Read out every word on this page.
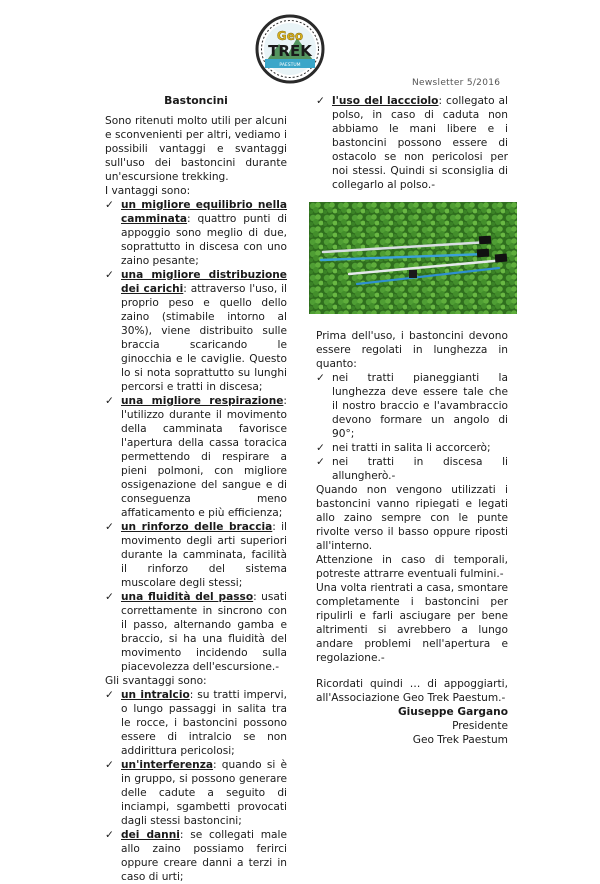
Geo
TREK
PAESTUM
Newsletter 5/2016
Bastoncini

Sono ritenuti molto utili per alcuni e sconvenienti per altri, vediamo i possibili vantaggi e svantaggi sull'uso dei bastoncini durante un'escursione trekking.

I vantaggi sono:

✓ un migliore equilibrio nella camminata: quattro punti di appoggio sono meglio di due, soprattutto in discesa con uno zaino pesante;
✓ una migliore distribuzione dei carichi: attraverso l'uso, il proprio peso e quello dello zaino (stimabile intorno al 30%), viene distribuito sulle braccia scaricando le ginocchia e le caviglie. Questo lo si nota soprattutto su lunghi percorsi e tratti in discesa;
✓ una migliore respirazione: l'utilizzo durante il movimento della camminata favorisce l'apertura della cassa toracica permettendo di respirare a pieni polmoni, con migliore ossigenazione del sangue e di conseguenza meno affaticamento e più efficienza;
✓ un rinforzo delle braccia: il movimento degli arti superiori durante la camminata, facilità il rinforzo del sistema muscolare degli stessi;
✓ una fluidità del passo: usati correttamente in sincrono con il passo, alternando gamba e braccio, si ha una fluidità del movimento incidendo sulla piacevolezza dell'escursione.-

Gli svantaggi sono:

✓ un intralcio: su tratti impervi, o lungo passaggi in salita tra le rocce, i bastoncini possono essere di intralcio se non addirittura pericolosi;
✓ un'interferenza: quando si è in gruppo, si possono generare delle cadute a seguito di inciampi, sgambetti provocati dagli stessi bastoncini;
✓ dei danni: se collegati male allo zaino possiamo ferirci oppure creare danni a terzi in caso di urti;
✓ l'uso del laccciolo: collegato al polso, in caso di caduta non abbiamo le mani libere e i bastoncini possono essere di ostacolo se non pericolosi per noi stessi. Quindi si sconsiglia di collegarlo al polso.-

Prima dell'uso, i bastoncini devono essere regolati in lunghezza in quanto:

✓ nei tratti pianeggianti la lunghezza deve essere tale che il nostro braccio e l'avambraccio devono formare un angolo di 90°;
✓ nei tratti in salita li accorcerò;
✓ nei tratti in discesa li allungherò.-

Quando non vengono utilizzati i bastoncini vanno ripiegati e legati allo zaino sempre con le punte rivolte verso il basso oppure riposti all'interno.

Attenzione in caso di temporali, potreste attrarre eventuali fulmini.-

Una volta rientrati a casa, smontare completamente i bastoncini per ripulirli e farli asciugare per bene altrimenti si avrebbero a lungo andare problemi nell'apertura e regolazione.-

Ricordati quindi … di appoggiarti, all'Associazione Geo Trek Paestum.-

Giuseppe Gargano
Presidente
Geo Trek Paestum
